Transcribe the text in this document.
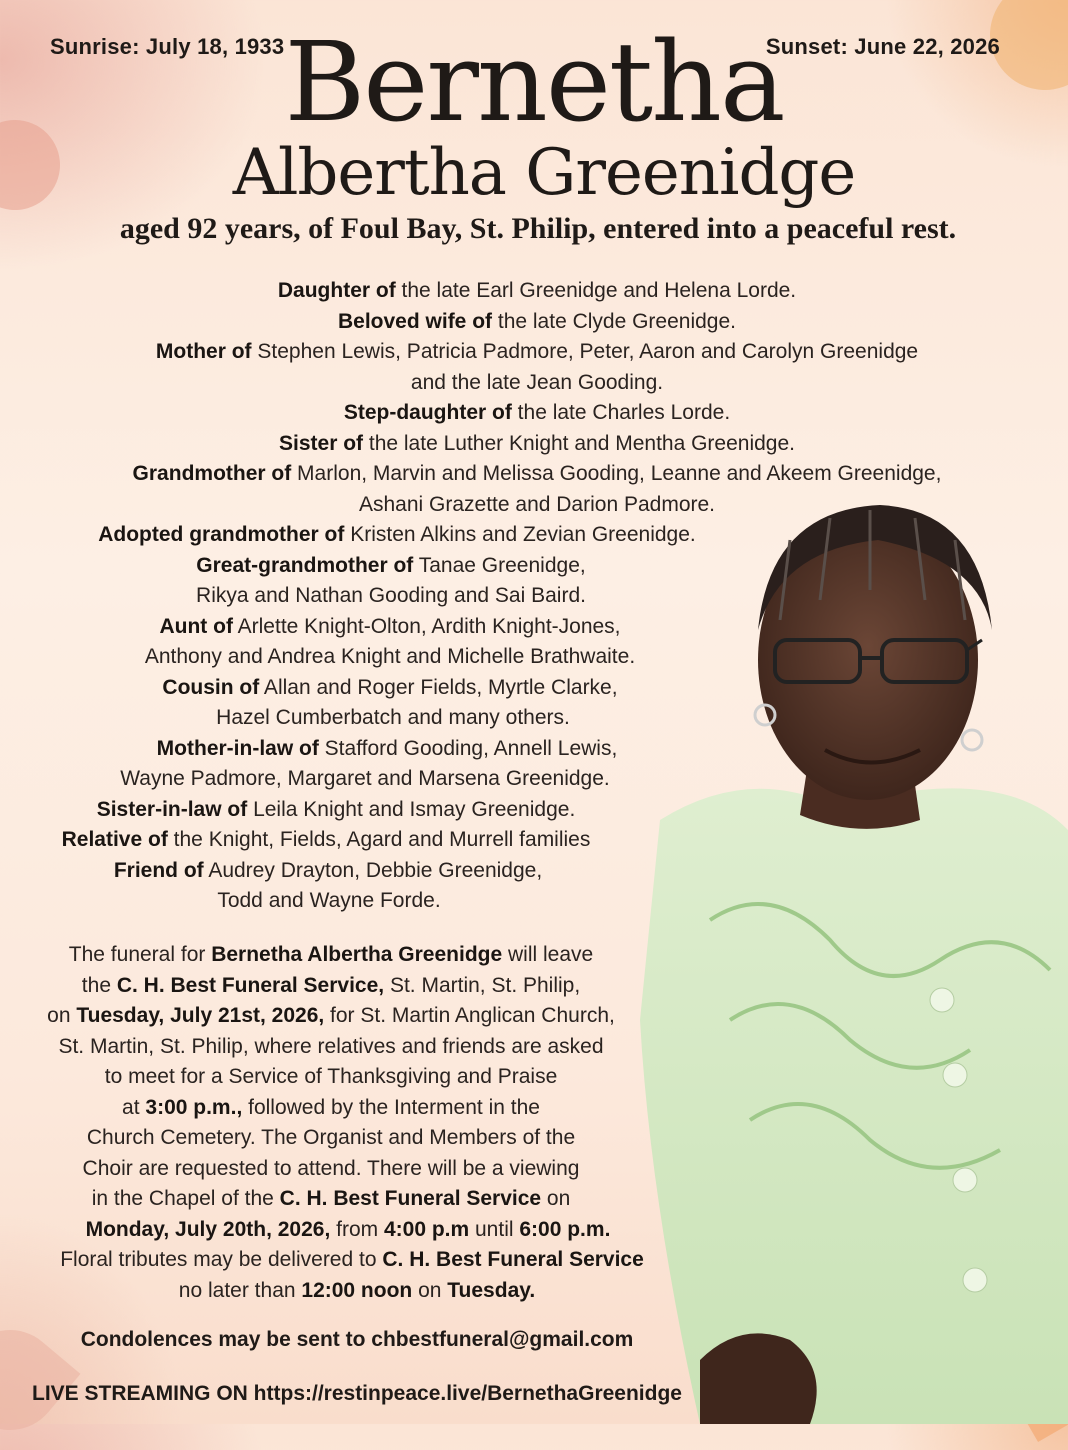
Sunrise: July 18, 1933	Sunset: June 22, 2026
Bernetha
Albertha Greenidge
aged 92 years, of Foul Bay, St. Philip, entered into a peaceful rest.
Daughter of the late Earl Greenidge and Helena Lorde.
Beloved wife of the late Clyde Greenidge.
Mother of Stephen Lewis, Patricia Padmore, Peter, Aaron and Carolyn Greenidge
and the late Jean Gooding.
Step-daughter of the late Charles Lorde.
Sister of the late Luther Knight and Mentha Greenidge.
Grandmother of Marlon, Marvin and Melissa Gooding, Leanne and Akeem Greenidge,
Ashani Grazette and Darion Padmore.
Adopted grandmother of Kristen Alkins and Zevian Greenidge.
Great-grandmother of Tanae Greenidge,
Rikya and Nathan Gooding and Sai Baird.
Aunt of Arlette Knight-Olton, Ardith Knight-Jones,
Anthony and Andrea Knight and Michelle Brathwaite.
Cousin of Allan and Roger Fields, Myrtle Clarke,
Hazel Cumberbatch and many others.
Mother-in-law of Stafford Gooding, Annell Lewis,
Wayne Padmore, Margaret and Marsena Greenidge.
Sister-in-law of Leila Knight and Ismay Greenidge.
Relative of the Knight, Fields, Agard and Murrell families
Friend of Audrey Drayton, Debbie Greenidge,
Todd and Wayne Forde.
The funeral for Bernetha Albertha Greenidge will leave
the C. H. Best Funeral Service, St. Martin, St. Philip,
on Tuesday, July 21st, 2026, for St. Martin Anglican Church,
St. Martin, St. Philip, where relatives and friends are asked
to meet for a Service of Thanksgiving and Praise
at 3:00 p.m., followed by the Interment in the
Church Cemetery. The Organist and Members of the
Choir are requested to attend. There will be a viewing
in the Chapel of the C. H. Best Funeral Service on
Monday, July 20th, 2026, from 4:00 p.m until 6:00 p.m.
Floral tributes may be delivered to C. H. Best Funeral Service
no later than 12:00 noon on Tuesday.
Condolences may be sent to chbestfuneral@gmail.com
LIVE STREAMING ON https://restinpeace.live/BernethaGreenidge
